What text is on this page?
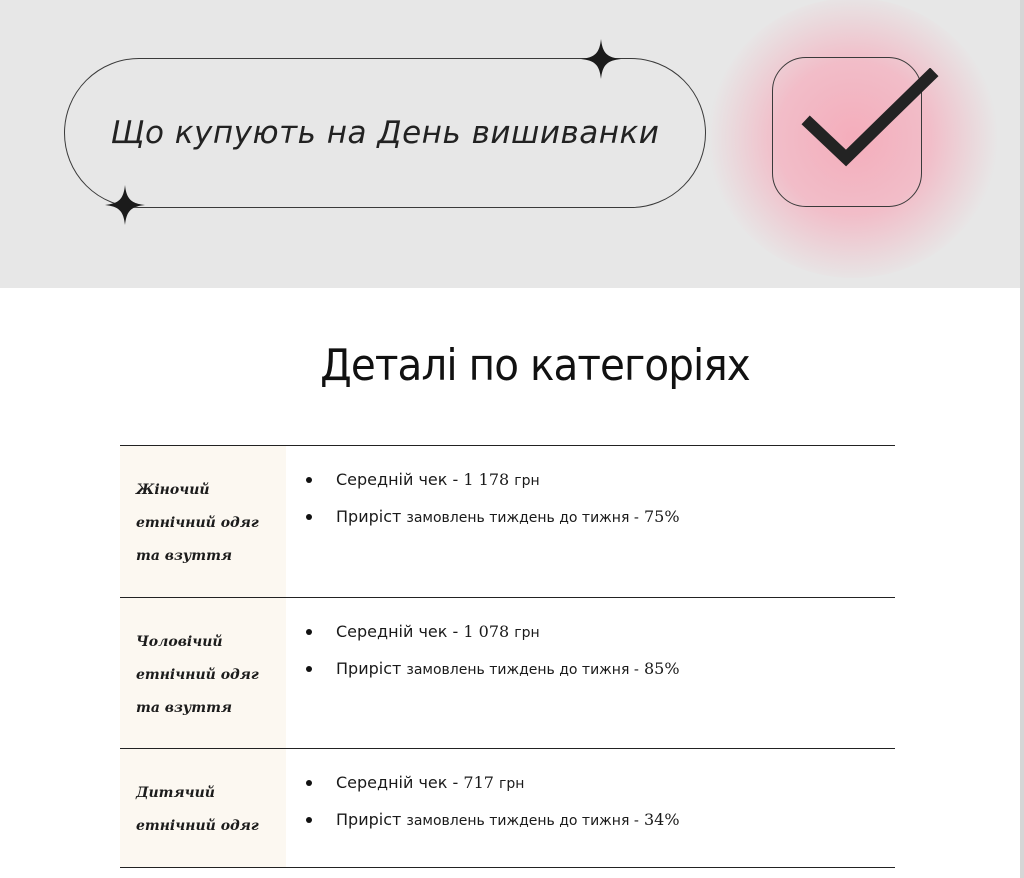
Що купують на День вишиванки
Деталі по категоріях
Жіночий
етнічний одяг
та взуття
Середній чек - 1 178 грн
Приріст замовлень тиждень до тижня - 75%
Чоловічий
етнічний одяг
та взуття
Середній чек - 1 078 грн
Приріст замовлень тиждень до тижня - 85%
Дитячий
етнічний одяг
Середній чек - 717 грн
Приріст замовлень тиждень до тижня - 34%
